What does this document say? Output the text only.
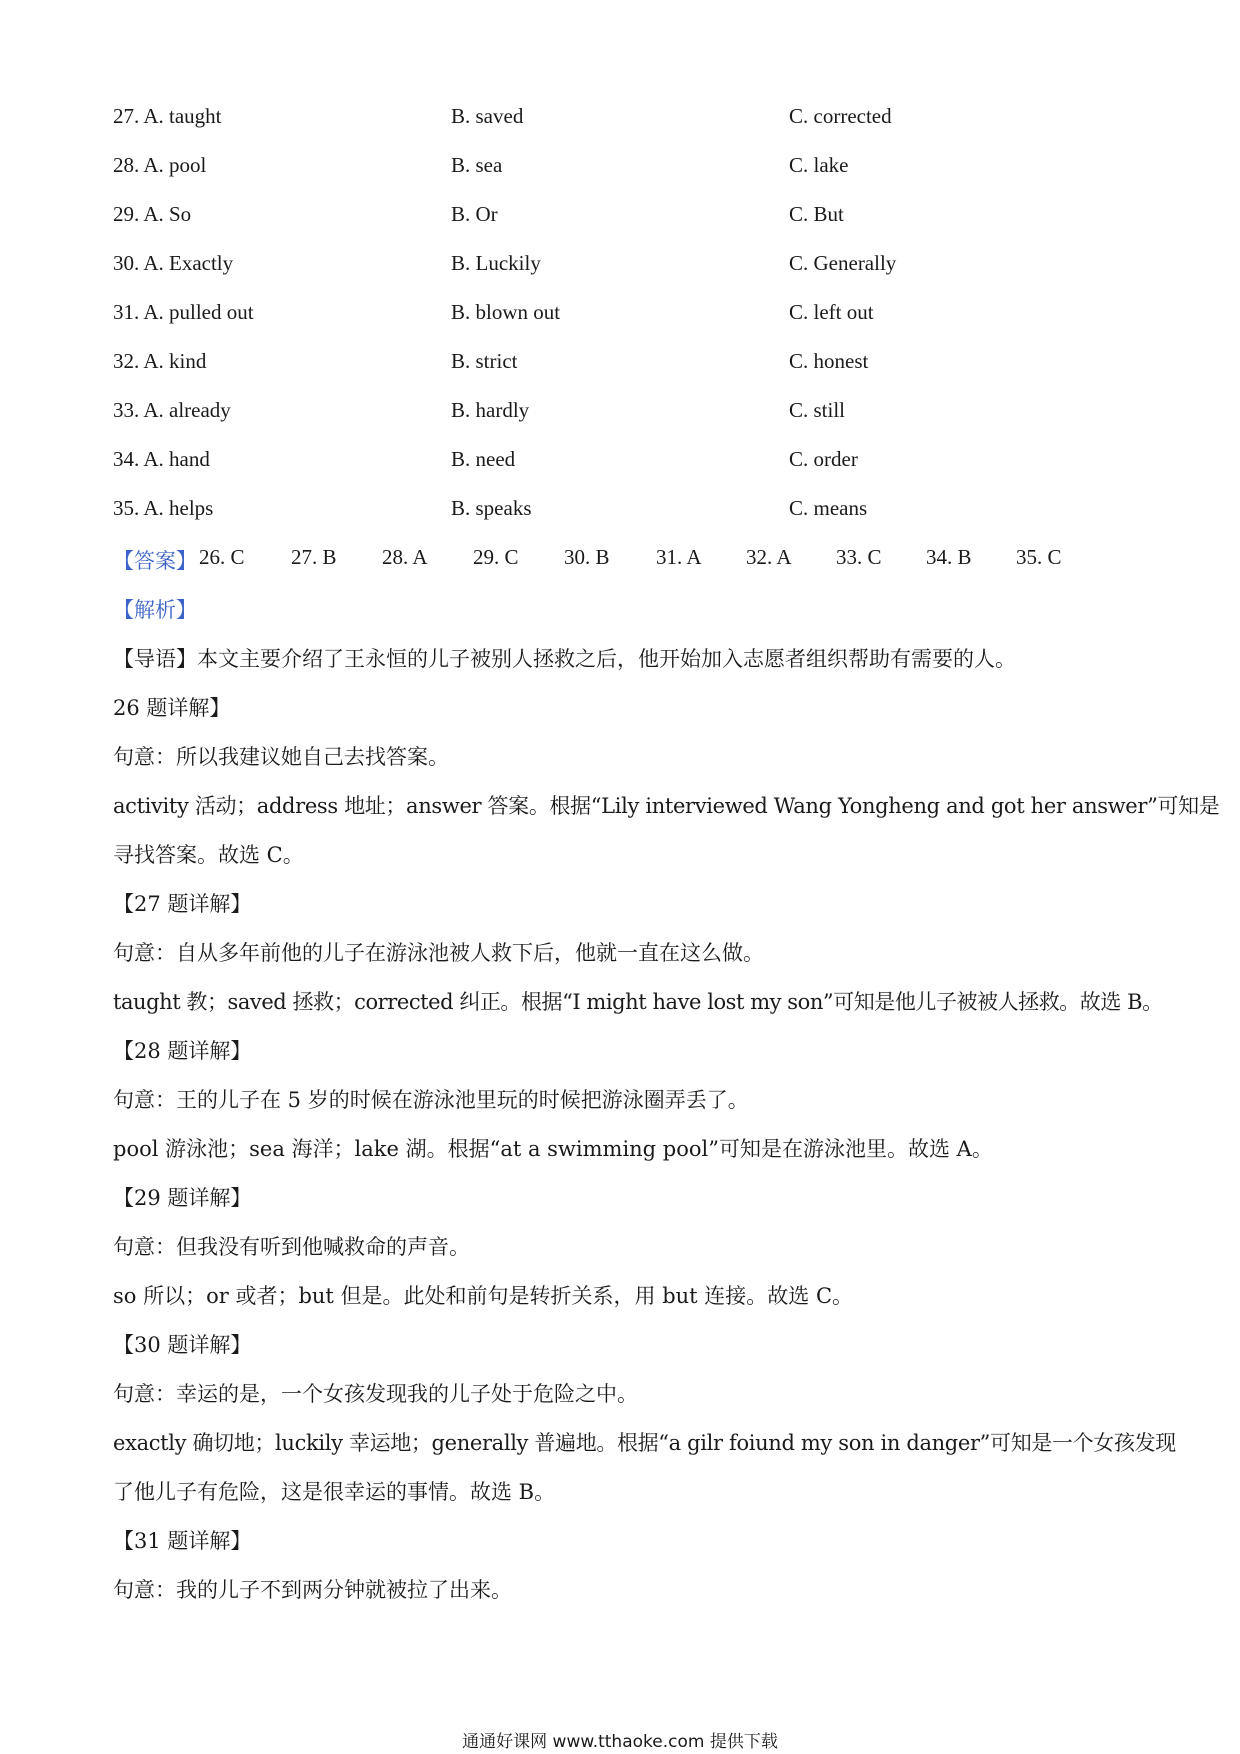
27. A. taught	B. saved	C. corrected
28. A. pool	B. sea	C. lake
29. A. So	B. Or	C. But
30. A. Exactly	B. Luckily	C. Generally
31. A. pulled out	B. blown out	C. left out
32. A. kind	B. strict	C. honest
33. A. already	B. hardly	C. still
34. A. hand	B. need	C. order
35. A. helps	B. speaks	C. means
【答案】 26. C 27. B 28. A 29. C 30. B 31. A 32. A 33. C 34. B 35. C
【解析】
【导语】本文主要介绍了王永恒的儿子被别人拯救之后，他开始加入志愿者组织帮助有需要的人。
26 题详解】
句意：所以我建议她自己去找答案。
activity 活动；address 地址；answer 答案。根据“Lily interviewed Wang Yongheng and got her answer”可知是
寻找答案。故选 C。
【27 题详解】
句意：自从多年前他的儿子在游泳池被人救下后，他就一直在这么做。
taught 教；saved 拯救；corrected 纠正。根据“I might have lost my son”可知是他儿子被被人拯救。故选 B。
【28 题详解】
句意：王的儿子在 5 岁的时候在游泳池里玩的时候把游泳圈弄丢了。
pool 游泳池；sea 海洋；lake 湖。根据“at a swimming pool”可知是在游泳池里。故选 A。
【29 题详解】
句意：但我没有听到他喊救命的声音。
so 所以；or 或者；but 但是。此处和前句是转折关系，用 but 连接。故选 C。
【30 题详解】
句意：幸运的是，一个女孩发现我的儿子处于危险之中。
exactly 确切地；luckily 幸运地；generally 普遍地。根据“a gilr foiund my son in danger”可知是一个女孩发现
了他儿子有危险，这是很幸运的事情。故选 B。
【31 题详解】
句意：我的儿子不到两分钟就被拉了出来。
通通好课网 www.tthaoke.com 提供下载
